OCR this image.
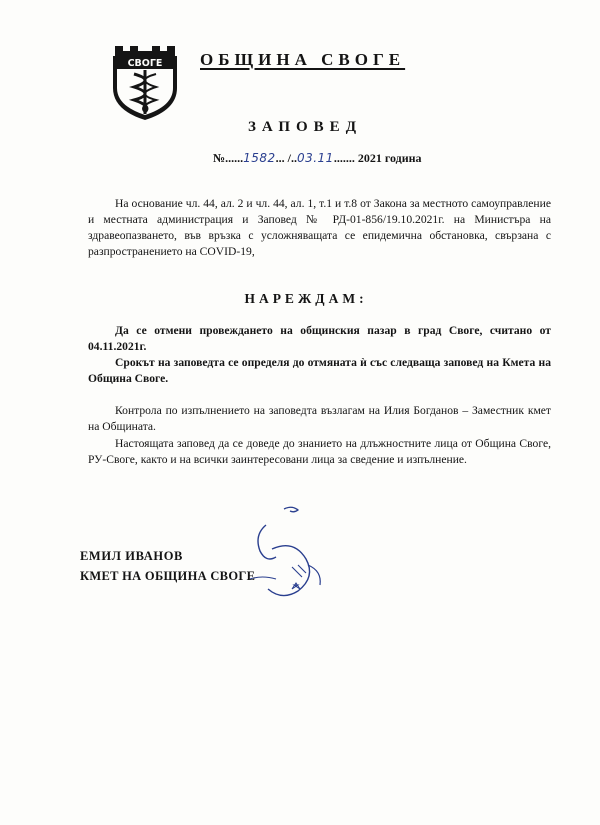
СВОГЕ ОБЩИНА СВОГЕ
ЗАПОВЕД
№......1582... /..03.11....... 2021 година

На основание чл. 44, ал. 2 и чл. 44, ал. 1, т.1 и т.8 от Закона за местното самоуправление и местната администрация и Заповед № РД-01-856/19.10.2021г. на Министъра на здравеопазването, във връзка с усложняващата се епидемична обстановка, свързана с разпространението на COVID-19,

НАРЕЖДАМ:

Да се отмени провеждането на общинския пазар в град Своге, считано от 04.11.2021г.

Срокът на заповедта се определя до отмяната ѝ със следваща заповед на Кмета на Община Своге.

Контрола по изпълнението на заповедта възлагам на Илия Богданов – Заместник кмет на Общината.

Настоящата заповед да се доведе до знанието на длъжностните лица от Община Своге, РУ-Своге, както и на всички заинтересовани лица за сведение и изпълнение.

ЕМИЛ ИВАНОВ
КМЕТ НА ОБЩИНА СВОГЕ
